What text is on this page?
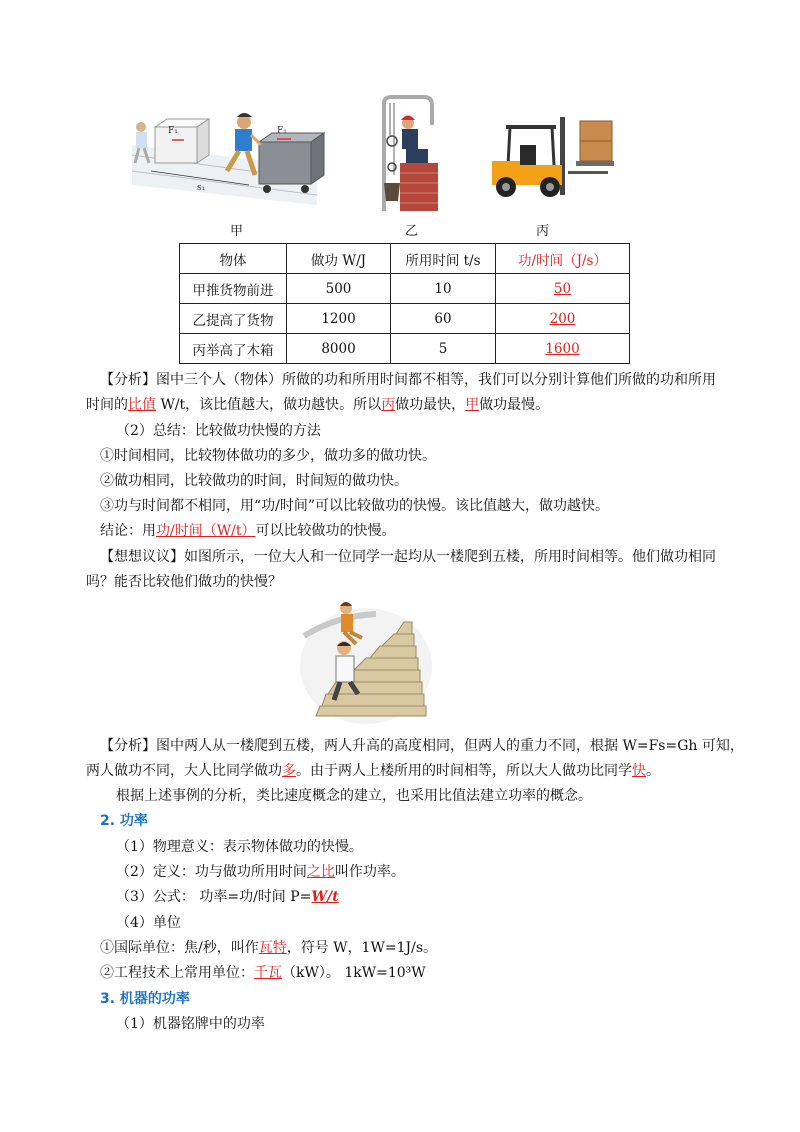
F₁	F₁
s₁
甲	乙	丙
物体	做功 W/J	所用时间 t/s	功/时间（J/s）
甲推货物前进	500	10	50
乙提高了货物	1200	60	200
丙举高了木箱	8000	5	1600
【分析】图中三个人（物体）所做的功和所用时间都不相等，我们可以分别计算他们所做的功和所用
时间的比值 W/t，该比值越大，做功越快。所以丙做功最快，甲做功最慢。
（2）总结：比较做功快慢的方法
①时间相同，比较物体做功的多少，做功多的做功快。
②做功相同，比较做功的时间，时间短的做功快。
③功与时间都不相同，用“功/时间”可以比较做功的快慢。该比值越大，做功越快。
结论：用功/时间（W/t）可以比较做功的快慢。
【想想议议】如图所示，一位大人和一位同学一起均从一楼爬到五楼，所用时间相等。他们做功相同
吗？能否比较他们做功的快慢？
【分析】图中两人从一楼爬到五楼，两人升高的高度相同，但两人的重力不同，根据 W=Fs=Gh 可知，
两人做功不同，大人比同学做功多。由于两人上楼所用的时间相等，所以大人做功比同学快。
根据上述事例的分析，类比速度概念的建立，也采用比值法建立功率的概念。
2. 功率
（1）物理意义：表示物体做功的快慢。
（2）定义：功与做功所用时间之比叫作功率。
（3）公式： 功率=功/时间 P=W/t
（4）单位
①国际单位：焦/秒，叫作瓦特，符号 W，1W=1J/s。
②工程技术上常用单位：千瓦（kW）。 1kW=10³W
3. 机器的功率
（1）机器铭牌中的功率
